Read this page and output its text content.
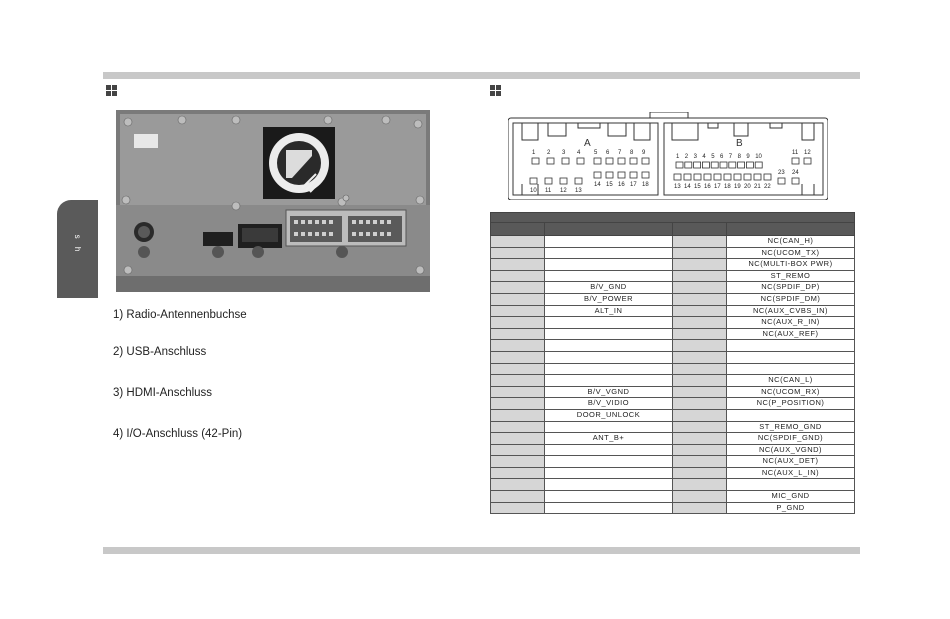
s h
1) Radio-Antennenbuchse
2) USB-Anschluss
3) HDMI-Anschluss
4) I/O-Anschluss (42-Pin)
A	B
1 2 3 4 5 6 7 8 9
10 11 12 13
14 15 16 17 18
1 2 3 4 5 6 7 8 9 10
11 12
23 24
13 14 15 16 17 18 19 20 21 22

			NC(CAN_H)
			NC(UCOM_TX)
			NC(MULTI-BOX PWR)
			ST_REMO
	B/V_GND		NC(SPDIF_DP)
	B/V_POWER		NC(SPDIF_DM)
	ALT_IN		NC(AUX_CVBS_IN)
			NC(AUX_R_IN)
			NC(AUX_REF)

			NC(CAN_L)
	B/V_VGND		NC(UCOM_RX)
	B/V_VIDIO		NC(P_POSITION)
	DOOR_UNLOCK		
			ST_REMO_GND
	ANT_B+		NC(SPDIF_GND)
			NC(AUX_VGND)
			NC(AUX_DET)
			NC(AUX_L_IN)

			MIC_GND
			P_GND
